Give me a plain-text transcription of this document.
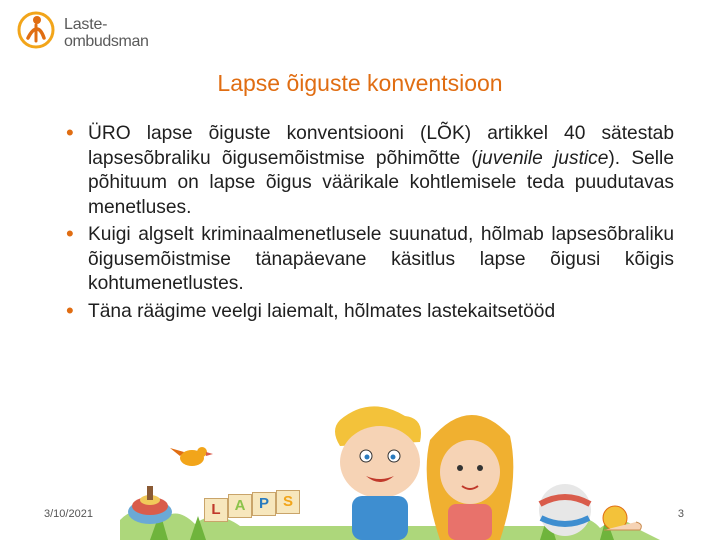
Laste-
ombudsman
Lapse õiguste konventsioon
• ÜRO lapse õiguste konventsiooni (LÕK) artikkel 40 sätestab lapsesõbraliku õigusemõistmise põhimõtte (juvenile justice). Selle põhituum on lapse õigus väärikale kohtlemisele teda puudutavas menetluses.
• Kuigi algselt kriminaalmenetlusele suunatud, hõlmab lapsesõbraliku õigusemõistmise tänapäevane käsitlus lapse õigusi kõigis kohtumenetlustes.
• Täna räägime veelgi laiemalt, hõlmates lastekaitsetööd
L A P S
3/10/2021	3
